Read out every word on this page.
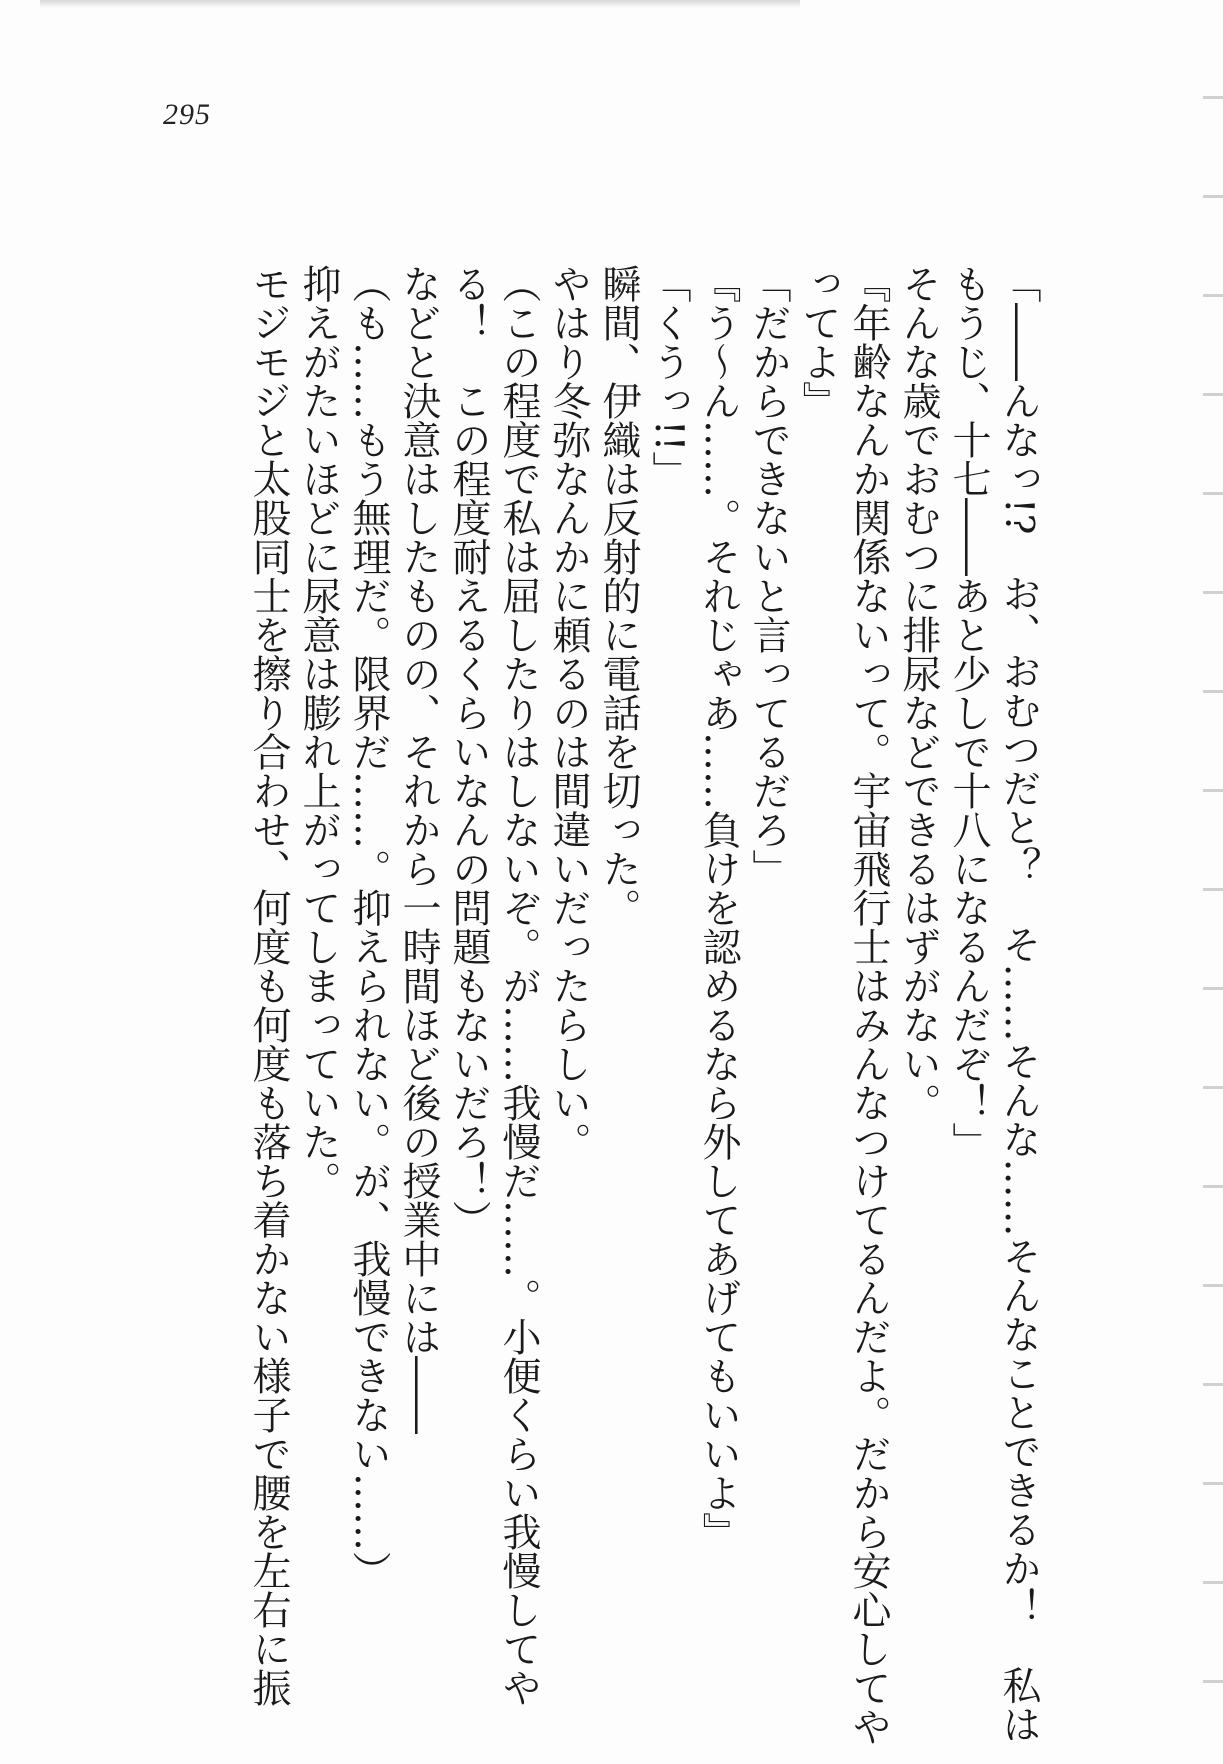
295
「――んなっ!?　お、おむつだと？　そ……そんな……そんなことできるか！　私は
もうじ、十七――あと少しで十八になるんだぞ！」
そんな歳でおむつに排尿などできるはずがない。
『年齢なんか関係ないって。宇宙飛行士はみんなつけてるんだよ。だから安心してや
ってよ』
「だからできないと言ってるだろ」
『う～ん……。それじゃあ……負けを認めるなら外してあげてもいいよ』
「くうっ!!」
瞬間、伊織は反射的に電話を切った。
やはり冬弥なんかに頼るのは間違いだったらしい。
（この程度で私は屈したりはしないぞ。が……我慢だ……。小便くらい我慢してや
る！　この程度耐えるくらいなんの問題もないだろ！）
などと決意はしたものの、それから一時間ほど後の授業中には――
（も……もう無理だ。限界だ……。抑えられない。が、我慢できない……）
抑えがたいほどに尿意は膨れ上がってしまっていた。
モジモジと太股同士を擦り合わせ、何度も何度も落ち着かない様子で腰を左右に振
